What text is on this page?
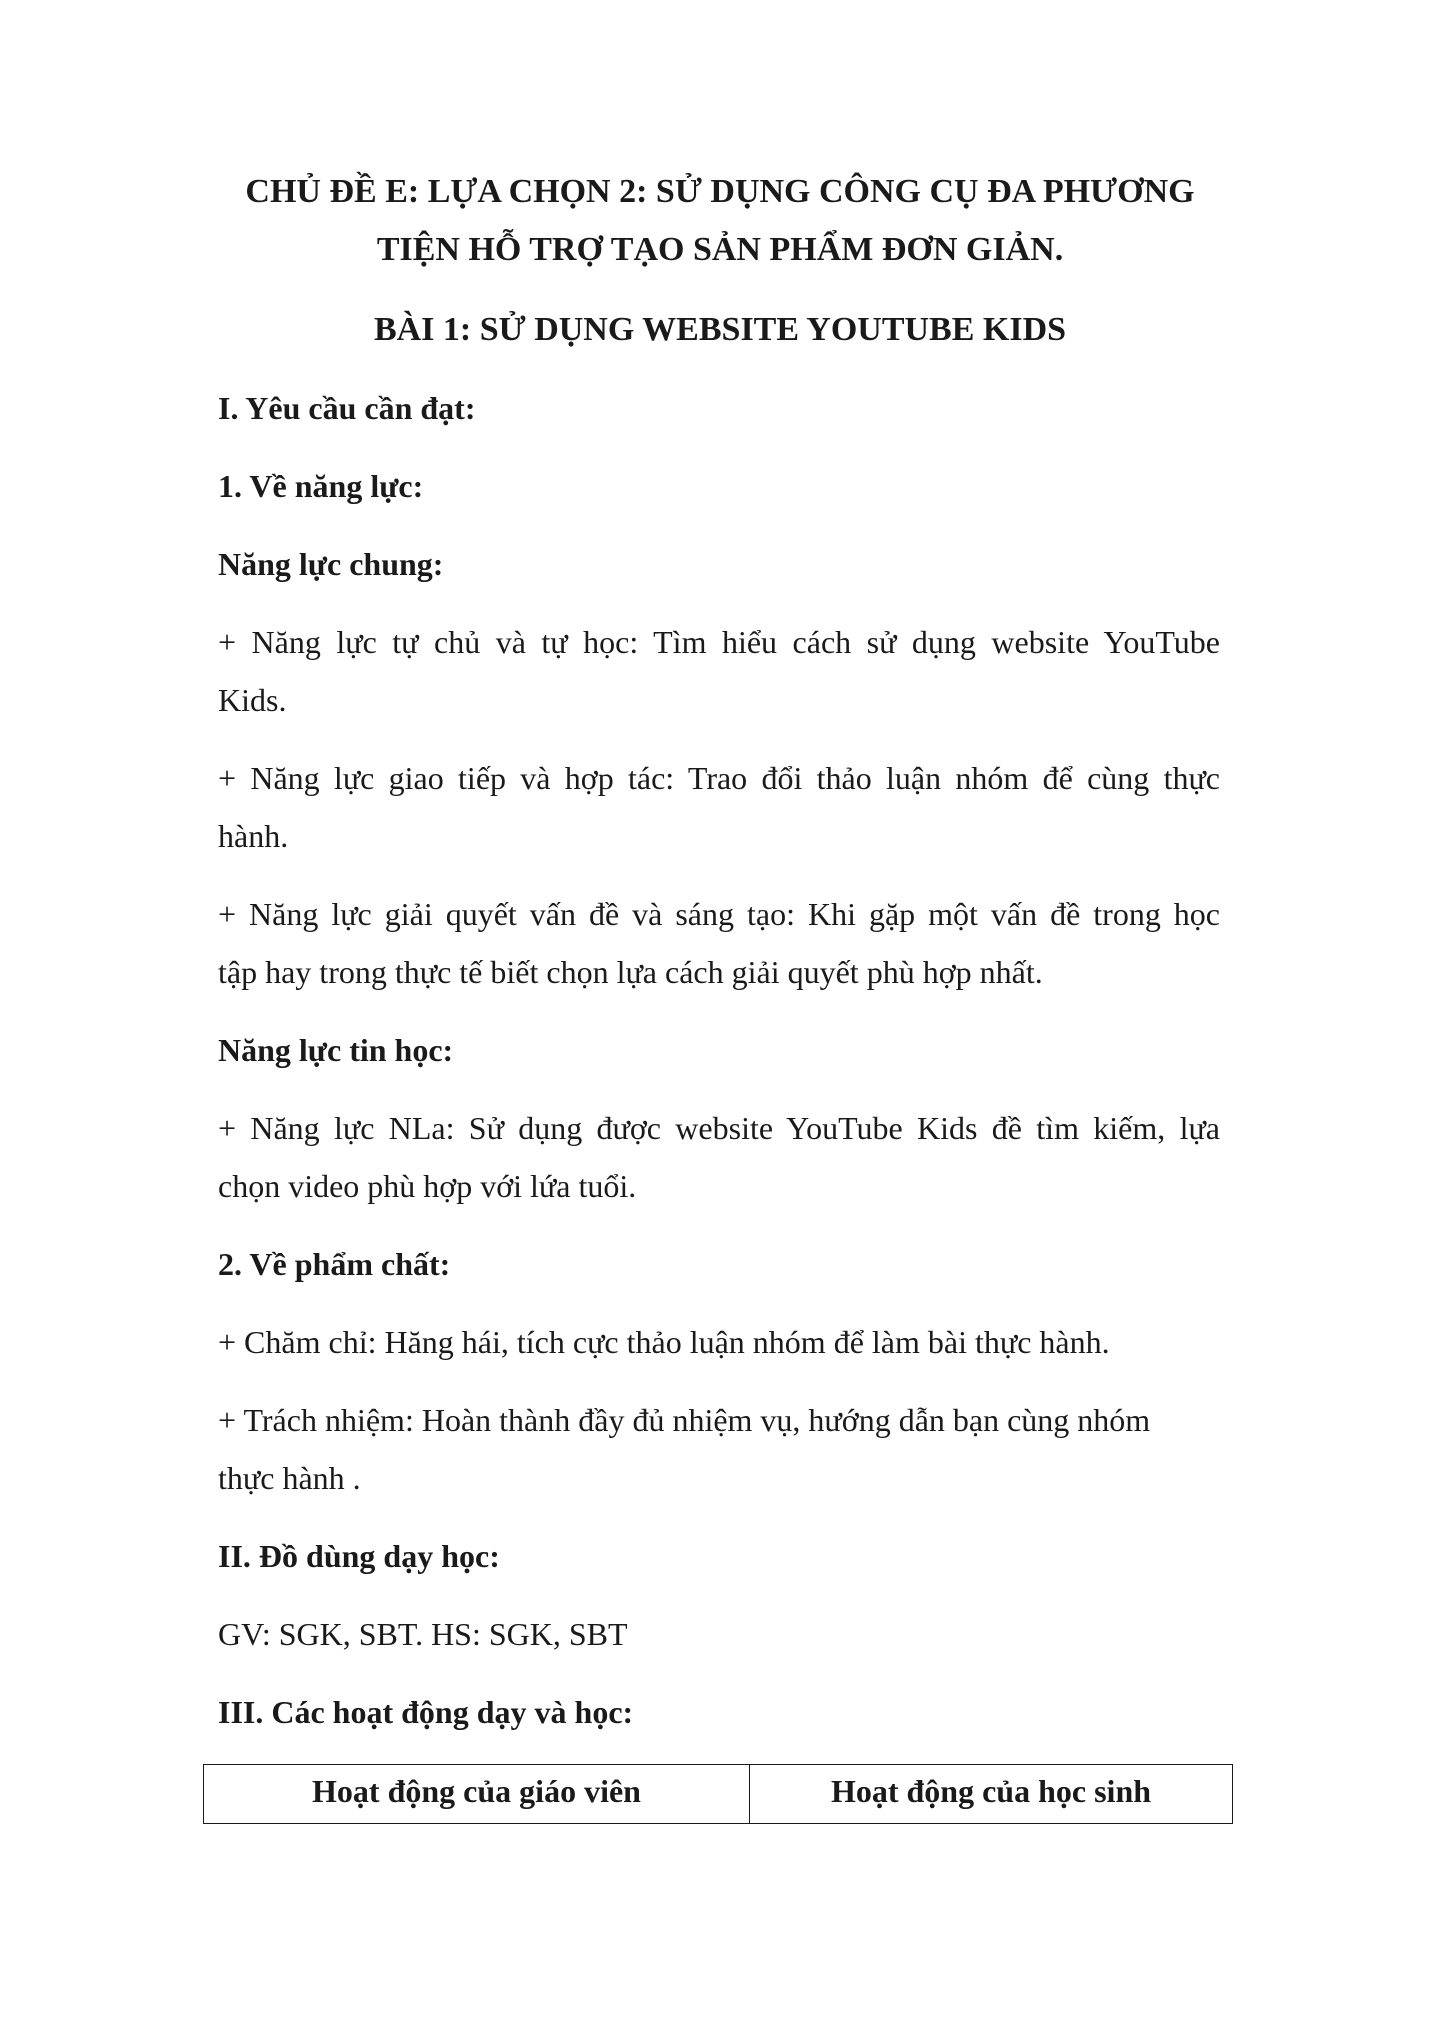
CHỦ ĐỀ E: LỰA CHỌN 2: SỬ DỤNG CÔNG CỤ ĐA PHƯƠNG
TIỆN HỖ TRỢ TẠO SẢN PHẨM ĐƠN GIẢN.
BÀI 1: SỬ DỤNG WEBSITE YOUTUBE KIDS
I. Yêu cầu cần đạt:
1. Về năng lực:
Năng lực chung:
+ Năng lực tự chủ và tự học: Tìm hiểu cách sử dụng website YouTube
Kids.
+ Năng lực giao tiếp và hợp tác: Trao đổi thảo luận nhóm để cùng thực
hành.
+ Năng lực giải quyết vấn đề và sáng tạo: Khi gặp một vấn đề trong học
tập hay trong thực tế biết chọn lựa cách giải quyết phù hợp nhất.
Năng lực tin học:
+ Năng lực NLa: Sử dụng được website YouTube Kids đề tìm kiếm, lựa
chọn video phù hợp với lứa tuổi.
2. Về phẩm chất:
+ Chăm chỉ: Hăng hái, tích cực thảo luận nhóm để làm bài thực hành.
+ Trách nhiệm: Hoàn thành đầy đủ nhiệm vụ, hướng dẫn bạn cùng nhóm
thực hành .
II. Đồ dùng dạy học:
GV: SGK, SBT. HS: SGK, SBT
III. Các hoạt động dạy và học:
Hoạt động của giáo viên	Hoạt động của học sinh
